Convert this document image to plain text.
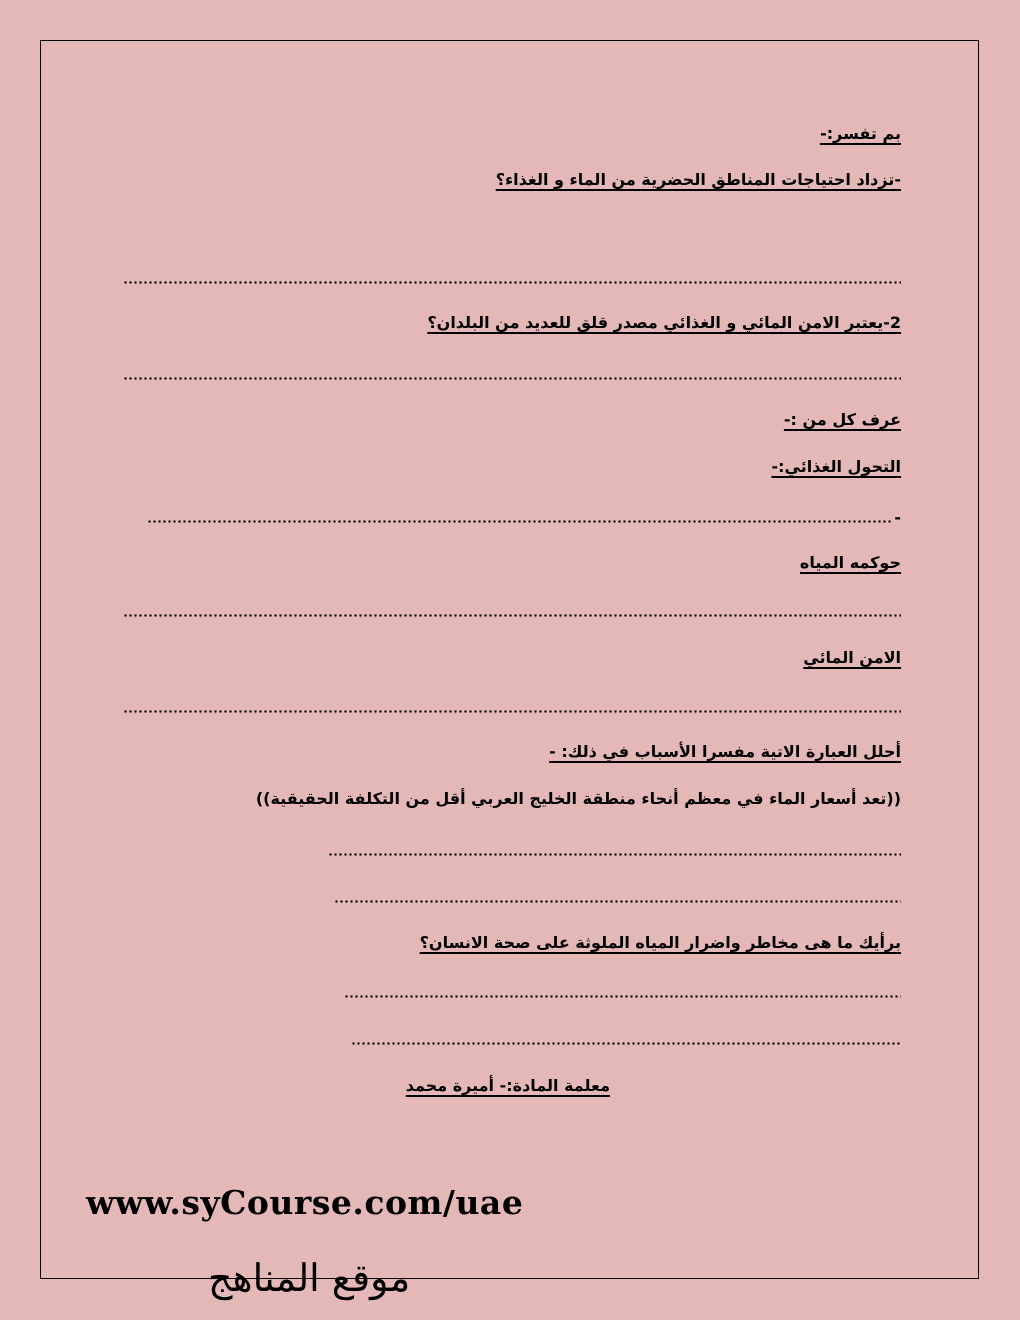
بم تفسر:-
-تزداد احتياجات المناطق الحضرية من الماء و الغذاء؟
2-يعتبر الامن المائي و الغذائي مصدر قلق للعديد من البلدان؟
عرف كل من :-
التحول الغذائي:-
-
حوكمه المياه
الامن المائي
أحلل العبارة الاتية مفسرا الأسباب في ذلك: -
((تعد أسعار الماء في معظم أنحاء منطقة الخليج العربي أقل من التكلفة الحقيقية))
برأيك ما هى مخاطر واضرار المياه الملوثة على صحة الانسان؟
معلمة المادة:- أميرة محمد
www.syCourse.com/uae
موقع المناهج
